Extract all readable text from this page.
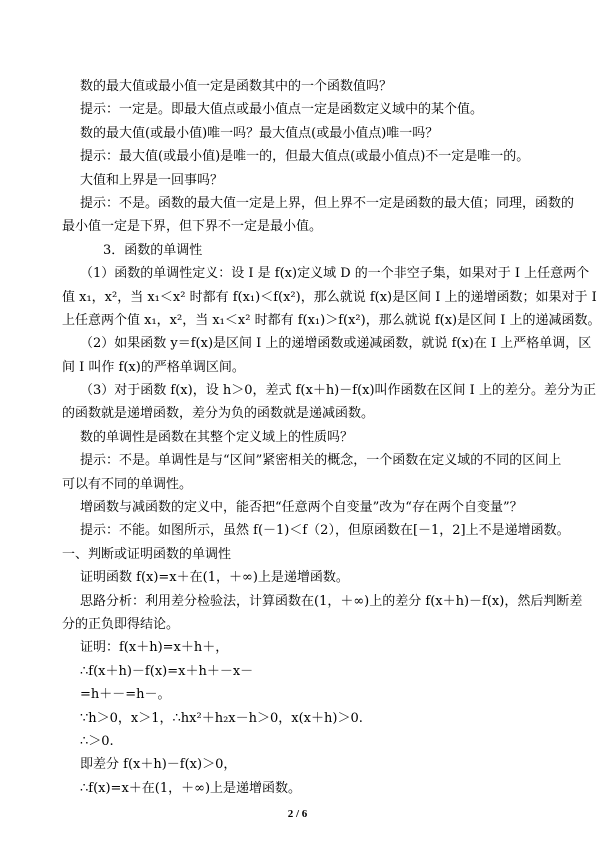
数的最大值或最小值一定是函数其中的一个函数值吗？
提示：一定是。即最大值点或最小值点一定是函数定义域中的某个值。
数的最大值(或最小值)唯一吗？最大值点(或最小值点)唯一吗？
提示：最大值(或最小值)是唯一的，但最大值点(或最小值点)不一定是唯一的。
大值和上界是一回事吗？
提示：不是。函数的最大值一定是上界，但上界不一定是函数的最大值；同理，函数的
最小值一定是下界，但下界不一定是最小值。
3．函数的单调性
（1）函数的单调性定义：设 I 是 f(x)定义域 D 的一个非空子集，如果对于 I 上任意两个
值 x₁，x²，当 x₁＜x² 时都有 f(x₁)＜f(x²)，那么就说 f(x)是区间 I 上的递增函数；如果对于 I
上任意两个值 x₁，x²，当 x₁＜x² 时都有 f(x₁)＞f(x²)，那么就说 f(x)是区间 I 上的递减函数。
（2）如果函数 y＝f(x)是区间 I 上的递增函数或递减函数，就说 f(x)在 I 上严格单调，区
间 I 叫作 f(x)的严格单调区间。
（3）对于函数 f(x)，设 h＞0，差式 f(x＋h)－f(x)叫作函数在区间 I 上的差分。差分为正
的函数就是递增函数，差分为负的函数就是递减函数。
数的单调性是函数在其整个定义域上的性质吗？
提示：不是。单调性是与“区间”紧密相关的概念，一个函数在定义域的不同的区间上
可以有不同的单调性。
增函数与减函数的定义中，能否把“任意两个自变量”改为“存在两个自变量”？
提示：不能。如图所示，虽然 f(－1)＜f（2），但原函数在[－1，2]上不是递增函数。
一、判断或证明函数的单调性
证明函数 f(x)=x＋在(1，＋∞)上是递增函数。
思路分析：利用差分检验法，计算函数在(1，＋∞)上的差分 f(x＋h)－f(x)，然后判断差
分的正负即得结论。
证明：f(x＋h)=x＋h＋，
∴f(x＋h)－f(x)=x＋h＋－x－
=h＋－=h－。
∵h＞0，x＞1，∴hx²＋h₂x－h＞0，x(x＋h)＞0.
∴＞0.
即差分 f(x＋h)－f(x)＞0，
∴f(x)=x＋在(1，＋∞)上是递增函数。
2 / 6
